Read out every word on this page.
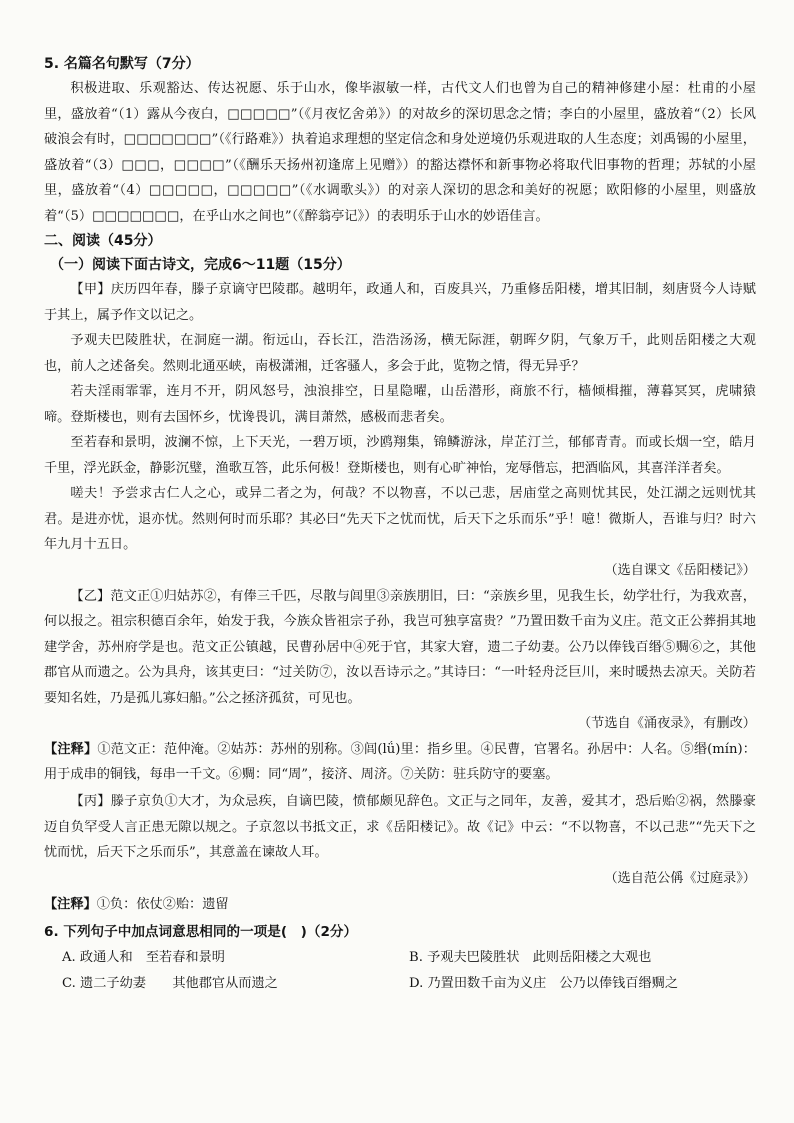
5. 名篇名句默写（7分）

积极进取、乐观豁达、传达祝愿、乐于山水，像毕淑敏一样，古代文人们也曾为自己的精神修建小屋：杜甫的小屋里，盛放着“（1）露从今夜白，□□□□□”（《月夜忆舍弟》）的对故乡的深切思念之情；李白的小屋里，盛放着“（2）长风破浪会有时，□□□□□□□”（《行路难》）执着追求理想的坚定信念和身处逆境仍乐观进取的人生态度；刘禹锡的小屋里，盛放着“（3）□□□，□□□□”（《酬乐天扬州初逢席上见赠》）的豁达襟怀和新事物必将取代旧事物的哲理；苏轼的小屋里，盛放着“（4）□□□□□，□□□□□”（《水调歌头》）的对亲人深切的思念和美好的祝愿；欧阳修的小屋里，则盛放着“（5）□□□□□□□，在乎山水之间也”（《醉翁亭记》）的表明乐于山水的妙语佳言。

二、阅读（45分）
（一）阅读下面古诗文，完成6～11题（15分）

【甲】庆历四年春，滕子京谪守巴陵郡。越明年，政通人和，百废具兴，乃重修岳阳楼，增其旧制，刻唐贤今人诗赋于其上，属予作文以记之。

予观夫巴陵胜状，在洞庭一湖。衔远山，吞长江，浩浩汤汤，横无际涯，朝晖夕阴，气象万千，此则岳阳楼之大观也，前人之述备矣。然则北通巫峡，南极潇湘，迁客骚人，多会于此，览物之情，得无异乎？

若夫淫雨霏霏，连月不开，阴风怒号，浊浪排空，日星隐曜，山岳潜形，商旅不行，樯倾楫摧，薄暮冥冥，虎啸猿啼。登斯楼也，则有去国怀乡，忧谗畏讥，满目萧然，感极而悲者矣。

至若春和景明，波澜不惊，上下天光，一碧万顷，沙鸥翔集，锦鳞游泳，岸芷汀兰，郁郁青青。而或长烟一空，皓月千里，浮光跃金，静影沉璧，渔歌互答，此乐何极！登斯楼也，则有心旷神怡，宠辱偕忘，把酒临风，其喜洋洋者矣。

嗟夫！予尝求古仁人之心，或异二者之为，何哉？不以物喜，不以己悲，居庙堂之高则忧其民，处江湖之远则忧其君。是进亦忧，退亦忧。然则何时而乐耶？其必曰“先天下之忧而忧，后天下之乐而乐”乎！噫！微斯人，吾谁与归？时六年九月十五日。

（选自课文《岳阳楼记》）

【乙】范文正①归姑苏②，有俸三千匹，尽散与闾里③亲族朋旧，曰：“亲族乡里，见我生长，幼学壮行，为我欢喜，何以报之。祖宗积德百余年，始发于我，今族众皆祖宗子孙，我岂可独享富贵？”乃置田数千亩为义庄。范文正公葬捐其地建学舍，苏州府学是也。范文正公镇越，民曹孙居中④死于官，其家大窘，遗二子幼妻。公乃以俸钱百缗⑤赒⑥之，其他郡官从而遗之。公为具舟，该其吏曰：“过关防⑦，汝以吾诗示之。”其诗曰：“一叶轻舟泛巨川，来时暖热去凉天。关防若要知名姓，乃是孤儿寡妇船。”公之拯济孤贫，可见也。

（节选自《涌夜录》，有删改）

【注释】①范文正：范仲淹。②姑苏：苏州的别称。③闾(lǘ)里：指乡里。④民曹，官署名。孙居中：人名。⑤缗(mín)：用于成串的铜钱，每串一千文。⑥赒：同“周”，接济、周济。⑦关防：驻兵防守的要塞。

【丙】滕子京负①大才，为众忌疾，自谪巴陵，愤郁颇见辞色。文正与之同年，友善，爱其才，恐后贻②祸，然滕豪迈自负罕受人言正患无隙以规之。子京忽以书抵文正，求《岳阳楼记》。故《记》中云：“不以物喜，不以己悲”“先天下之忧而忧，后天下之乐而乐”，其意盖在谏故人耳。

（选自范公偁《过庭录》）

【注释】①负：依仗②贻：遗留

6. 下列句子中加点词意思相同的一项是(　)（2分）
A. 政通人和　至若春和景明	B. 予观夫巴陵胜状　此则岳阳楼之大观也
C. 遗二子幼妻　　其他郡官从而遗之	D. 乃置田数千亩为义庄　公乃以俸钱百缗赒之
